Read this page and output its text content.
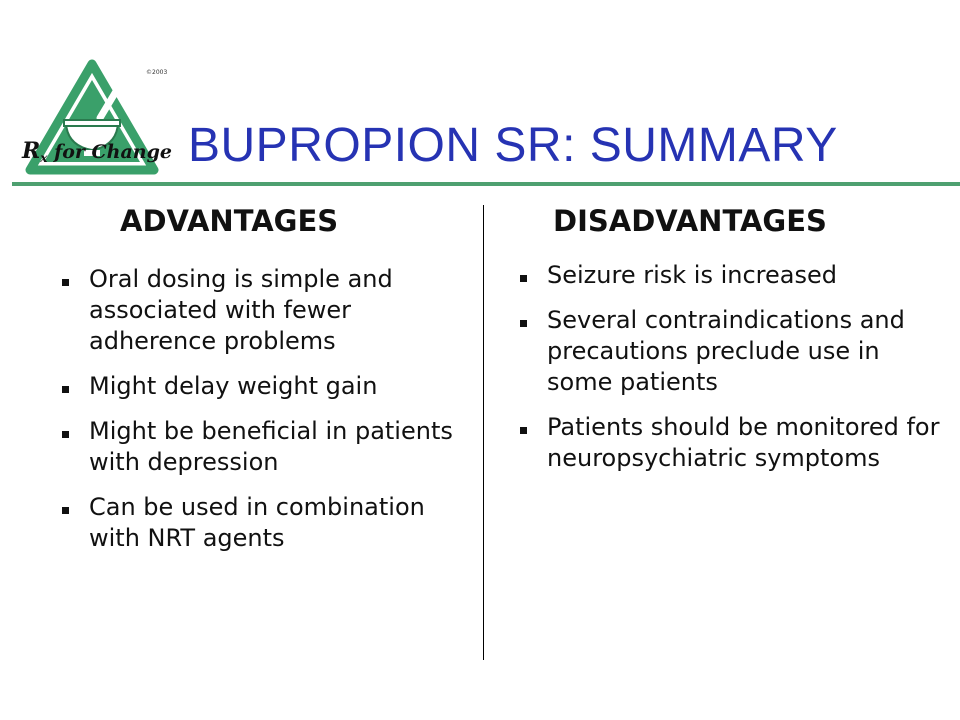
©2003
$R_x$ for Change BUPROPION SR: SUMMARY
ADVANTAGES	DISADVANTAGES
Oral dosing is simple and associated with fewer adherence problems
Might delay weight gain
Might be beneficial in patients with depression
Can be used in combination with NRT agents
Seizure risk is increased
Several contraindications and precautions preclude use in some patients
Patients should be monitored for neuropsychiatric symptoms
